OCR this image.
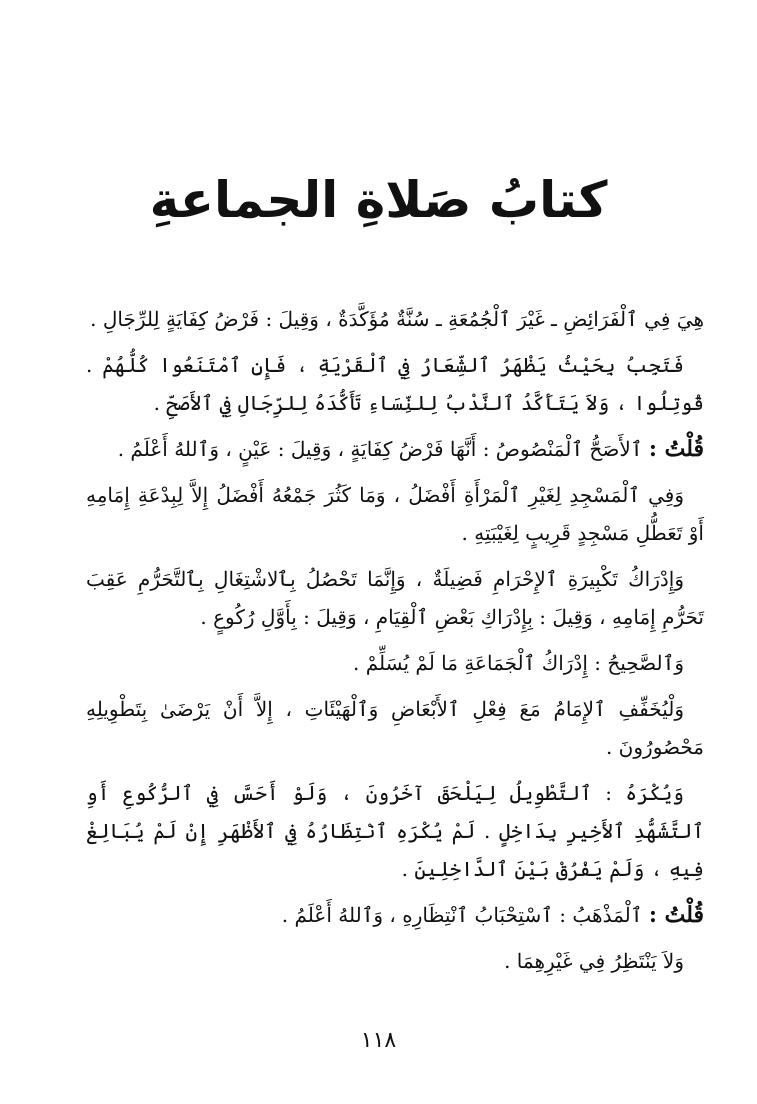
كتابُ صَلاةِ الجماعةِ

هِيَ فِي ٱلْفَرَائِضِ ـ غَيْرَ ٱلْجُمُعَةِ ـ سُنَّةٌ مُؤَكَّدَةٌ ، وَقِيلَ : فَرْضُ كِفَايَةٍ لِلرِّجَالِ .

فَتَجِبُ بِحَيْثُ يَظْهَرُ ٱلشِّعَارُ فِي ٱلْقَرْيَةِ ، فَإِنِ ٱمْتَنَعُوا كُلُّهُمْ . قُوتِلُوا ، وَلاَ يَتَأَكَّدُ ٱلنَّدْبُ لِلنِّسَاءِ تَأَكُّدَهُ لِلرِّجَالِ فِي ٱلأَصَحِّ .

قُلْتُ : ٱلأَصَحُّ ٱلْمَنْصُوصُ : أَنَّهَا فَرْضُ كِفَايَةٍ ، وَقِيلَ : عَيْنٍ ، وَٱللهُ أَعْلَمُ .

وَفِي ٱلْمَسْجِدِ لِغَيْرِ ٱلْمَرْأَةِ أَفْضَلُ ، وَمَا كَثُرَ جَمْعُهُ أَفْضَلُ إِلاَّ لِبِدْعَةِ إِمَامِهِ أَوْ تَعَطُّلِ مَسْجِدٍ قَرِيبٍ لِغَيْبَتِهِ .

وَإِدْرَاكُ تَكْبِيرَةِ ٱلإِحْرَامِ فَضِيلَةٌ ، وَإِنَّمَا تَحْصُلُ بِٱلاشْتِغَالِ بِٱلتَّحَرُّمِ عَقِبَ تَحَرُّمِ إِمَامِهِ ، وَقِيلَ : بِإِدْرَاكِ بَعْضِ ٱلْقِيَامِ ، وَقِيلَ : بِأَوَّلِ رُكُوعٍ .

وَٱلصَّحِيحُ : إِدْرَاكُ ٱلْجَمَاعَةِ مَا لَمْ يُسَلِّمْ .

وَلْيُخَفِّفِ ٱلإِمَامُ مَعَ فِعْلِ ٱلأَبْعَاضِ وَٱلْهَيْئَاتِ ، إِلاَّ أَنْ يَرْضَىٰ بِتَطْوِيلِهِ مَحْصُورُونَ .

وَيُكْرَهُ : ٱلتَّطْوِيلُ لِيَلْحَقَ آخَرُونَ ، وَلَوْ أَحَسَّ فِي ٱلرُّكُوعِ أَوِ ٱلتَّشَهُّدِ ٱلأَخِيرِ بِدَاخِلٍ . لَمْ يُكْرَهِ ٱنْتِظَارُهُ فِي ٱلأَظْهَرِ إِنْ لَمْ يُبَالِغْ فِيهِ ، وَلَمْ يَفْرُقْ بَيْنَ ٱلدَّاخِلِينَ .

قُلْتُ : ٱلْمَذْهَبُ : ٱسْتِحْبَابُ ٱنْتِظَارِهِ ، وَٱللهُ أَعْلَمُ .

وَلاَ يَنْتَظِرُ فِي غَيْرِهِمَا .

١١٨
